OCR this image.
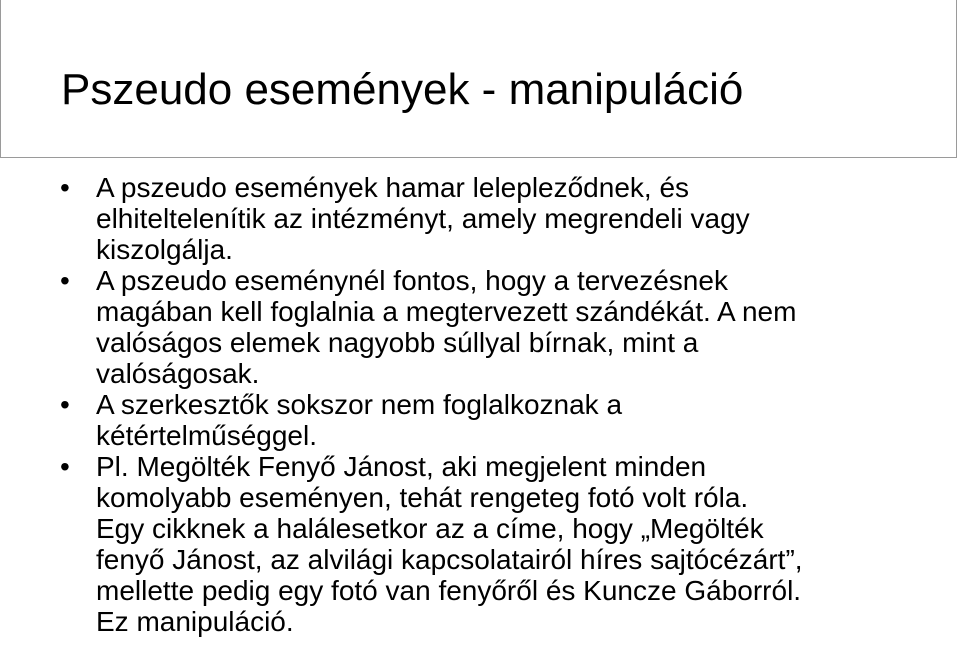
Pszeudo események - manipuláció
• A pszeudo események hamar lelepleződnek, és
elhiteltelenítik az intézményt, amely megrendeli vagy
kiszolgálja.
• A pszeudo eseménynél fontos, hogy a tervezésnek
magában kell foglalnia a megtervezett szándékát. A nem
valóságos elemek nagyobb súllyal bírnak, mint a
valóságosak.
• A szerkesztők sokszor nem foglalkoznak a
kétértelműséggel.
• Pl. Megölték Fenyő Jánost, aki megjelent minden
komolyabb eseményen, tehát rengeteg fotó volt róla.
Egy cikknek a halálesetkor az a címe, hogy „Megölték
fenyő Jánost, az alvilági kapcsolatairól híres sajtócézárt”,
mellette pedig egy fotó van fenyőről és Kuncze Gáborról.
Ez manipuláció.
